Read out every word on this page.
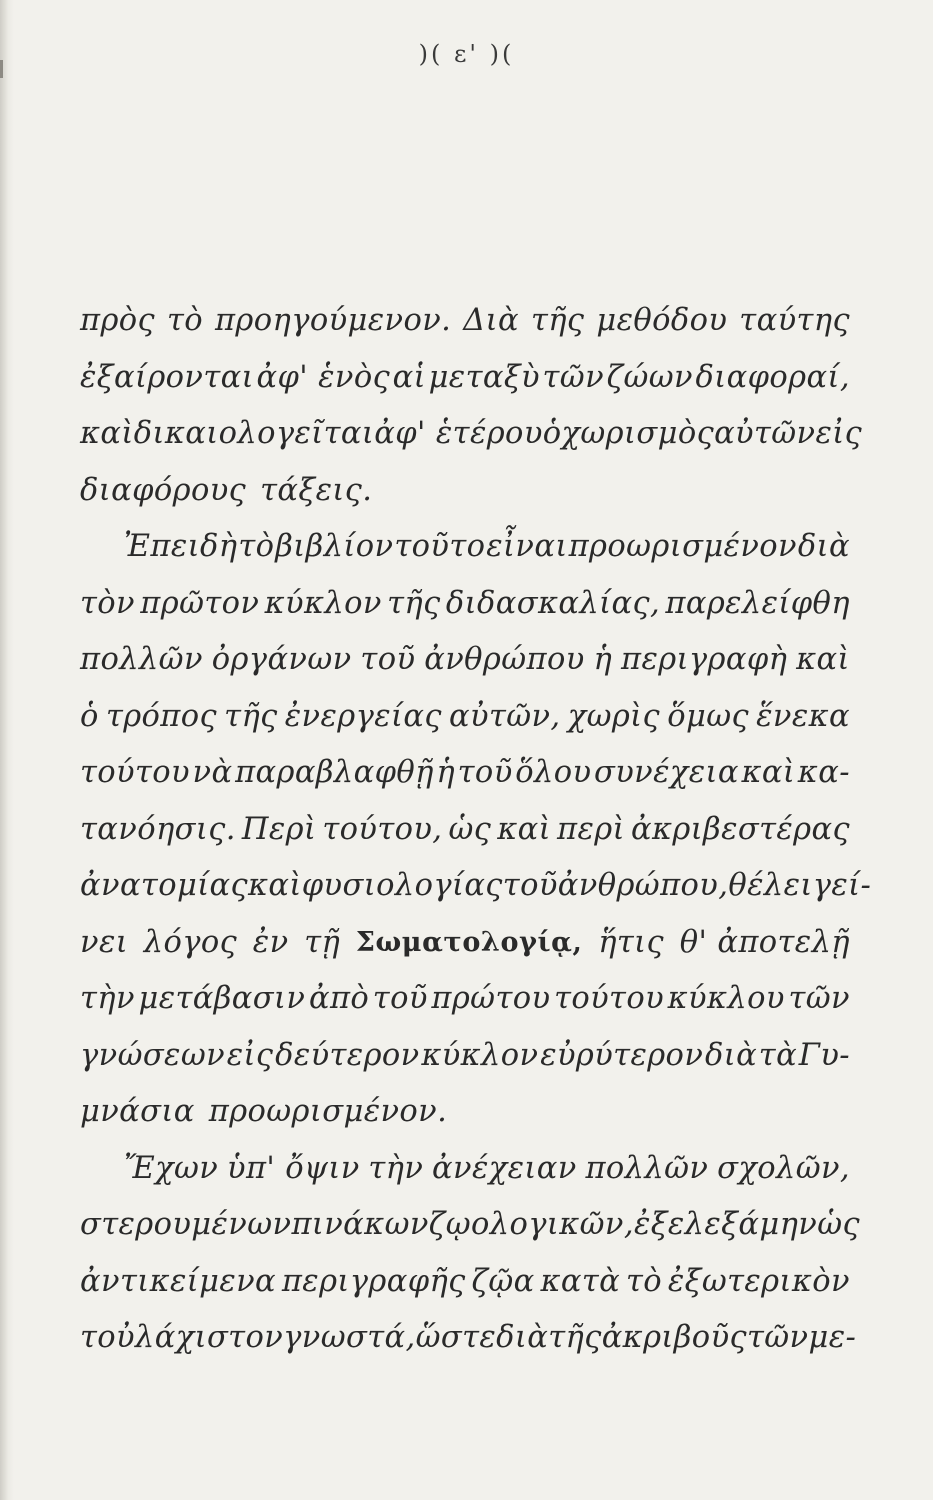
)( ε' )(
πρὸς τὸ προηγούμενον. Διὰ τῆς μεθόδου ταύτης
ἐξαίρονται ἀφ' ἑνὸς αἱ μεταξὺ τῶν ζώων διαφοραί,
καὶ δικαιολογεῖται ἀφ' ἑτέρου ὁ χωρισμὸς αὐτῶν εἰς
διαφόρους τάξεις.
Ἐπειδὴ τὸ βιβλίον τοῦτο εἶναι προωρισμένον διὰ
τὸν πρῶτον κύκλον τῆς διδασκαλίας, παρελείφθη
πολλῶν ὀργάνων τοῦ ἀνθρώπου ἡ περιγραφὴ καὶ
ὁ τρόπος τῆς ἐνεργείας αὐτῶν, χωρὶς ὅμως ἕνεκα
τούτου νὰ παραβλαφθῇ ἡ τοῦ ὅλου συνέχεια καὶ κα-
τανόησις. Περὶ τούτου, ὡς καὶ περὶ ἀκριβεστέρας
ἀνατομίας καὶ φυσιολογίας τοῦ ἀνθρώπου, θέλει γεί-
νει λόγος ἐν τῇ Σωματολογίᾳ, ἥτις θ' ἀποτελῇ
τὴν μετάβασιν ἀπὸ τοῦ πρώτου τούτου κύκλου τῶν
γνώσεων εἰς δεύτερον κύκλον εὐρύτερον διὰ τὰ Γυ-
μνάσια προωρισμένον.
Ἔχων ὑπ' ὄψιν τὴν ἀνέχειαν πολλῶν σχολῶν,
στερουμένων πινάκων ζῳολογικῶν, ἐξελεξάμην ὡς
ἀντικείμενα περιγραφῆς ζῷα κατὰ τὸ ἐξωτερικὸν
τοὐλάχιστον γνωστά, ὥστε διὰ τῆς ἀκριβοῦς τῶν με-
